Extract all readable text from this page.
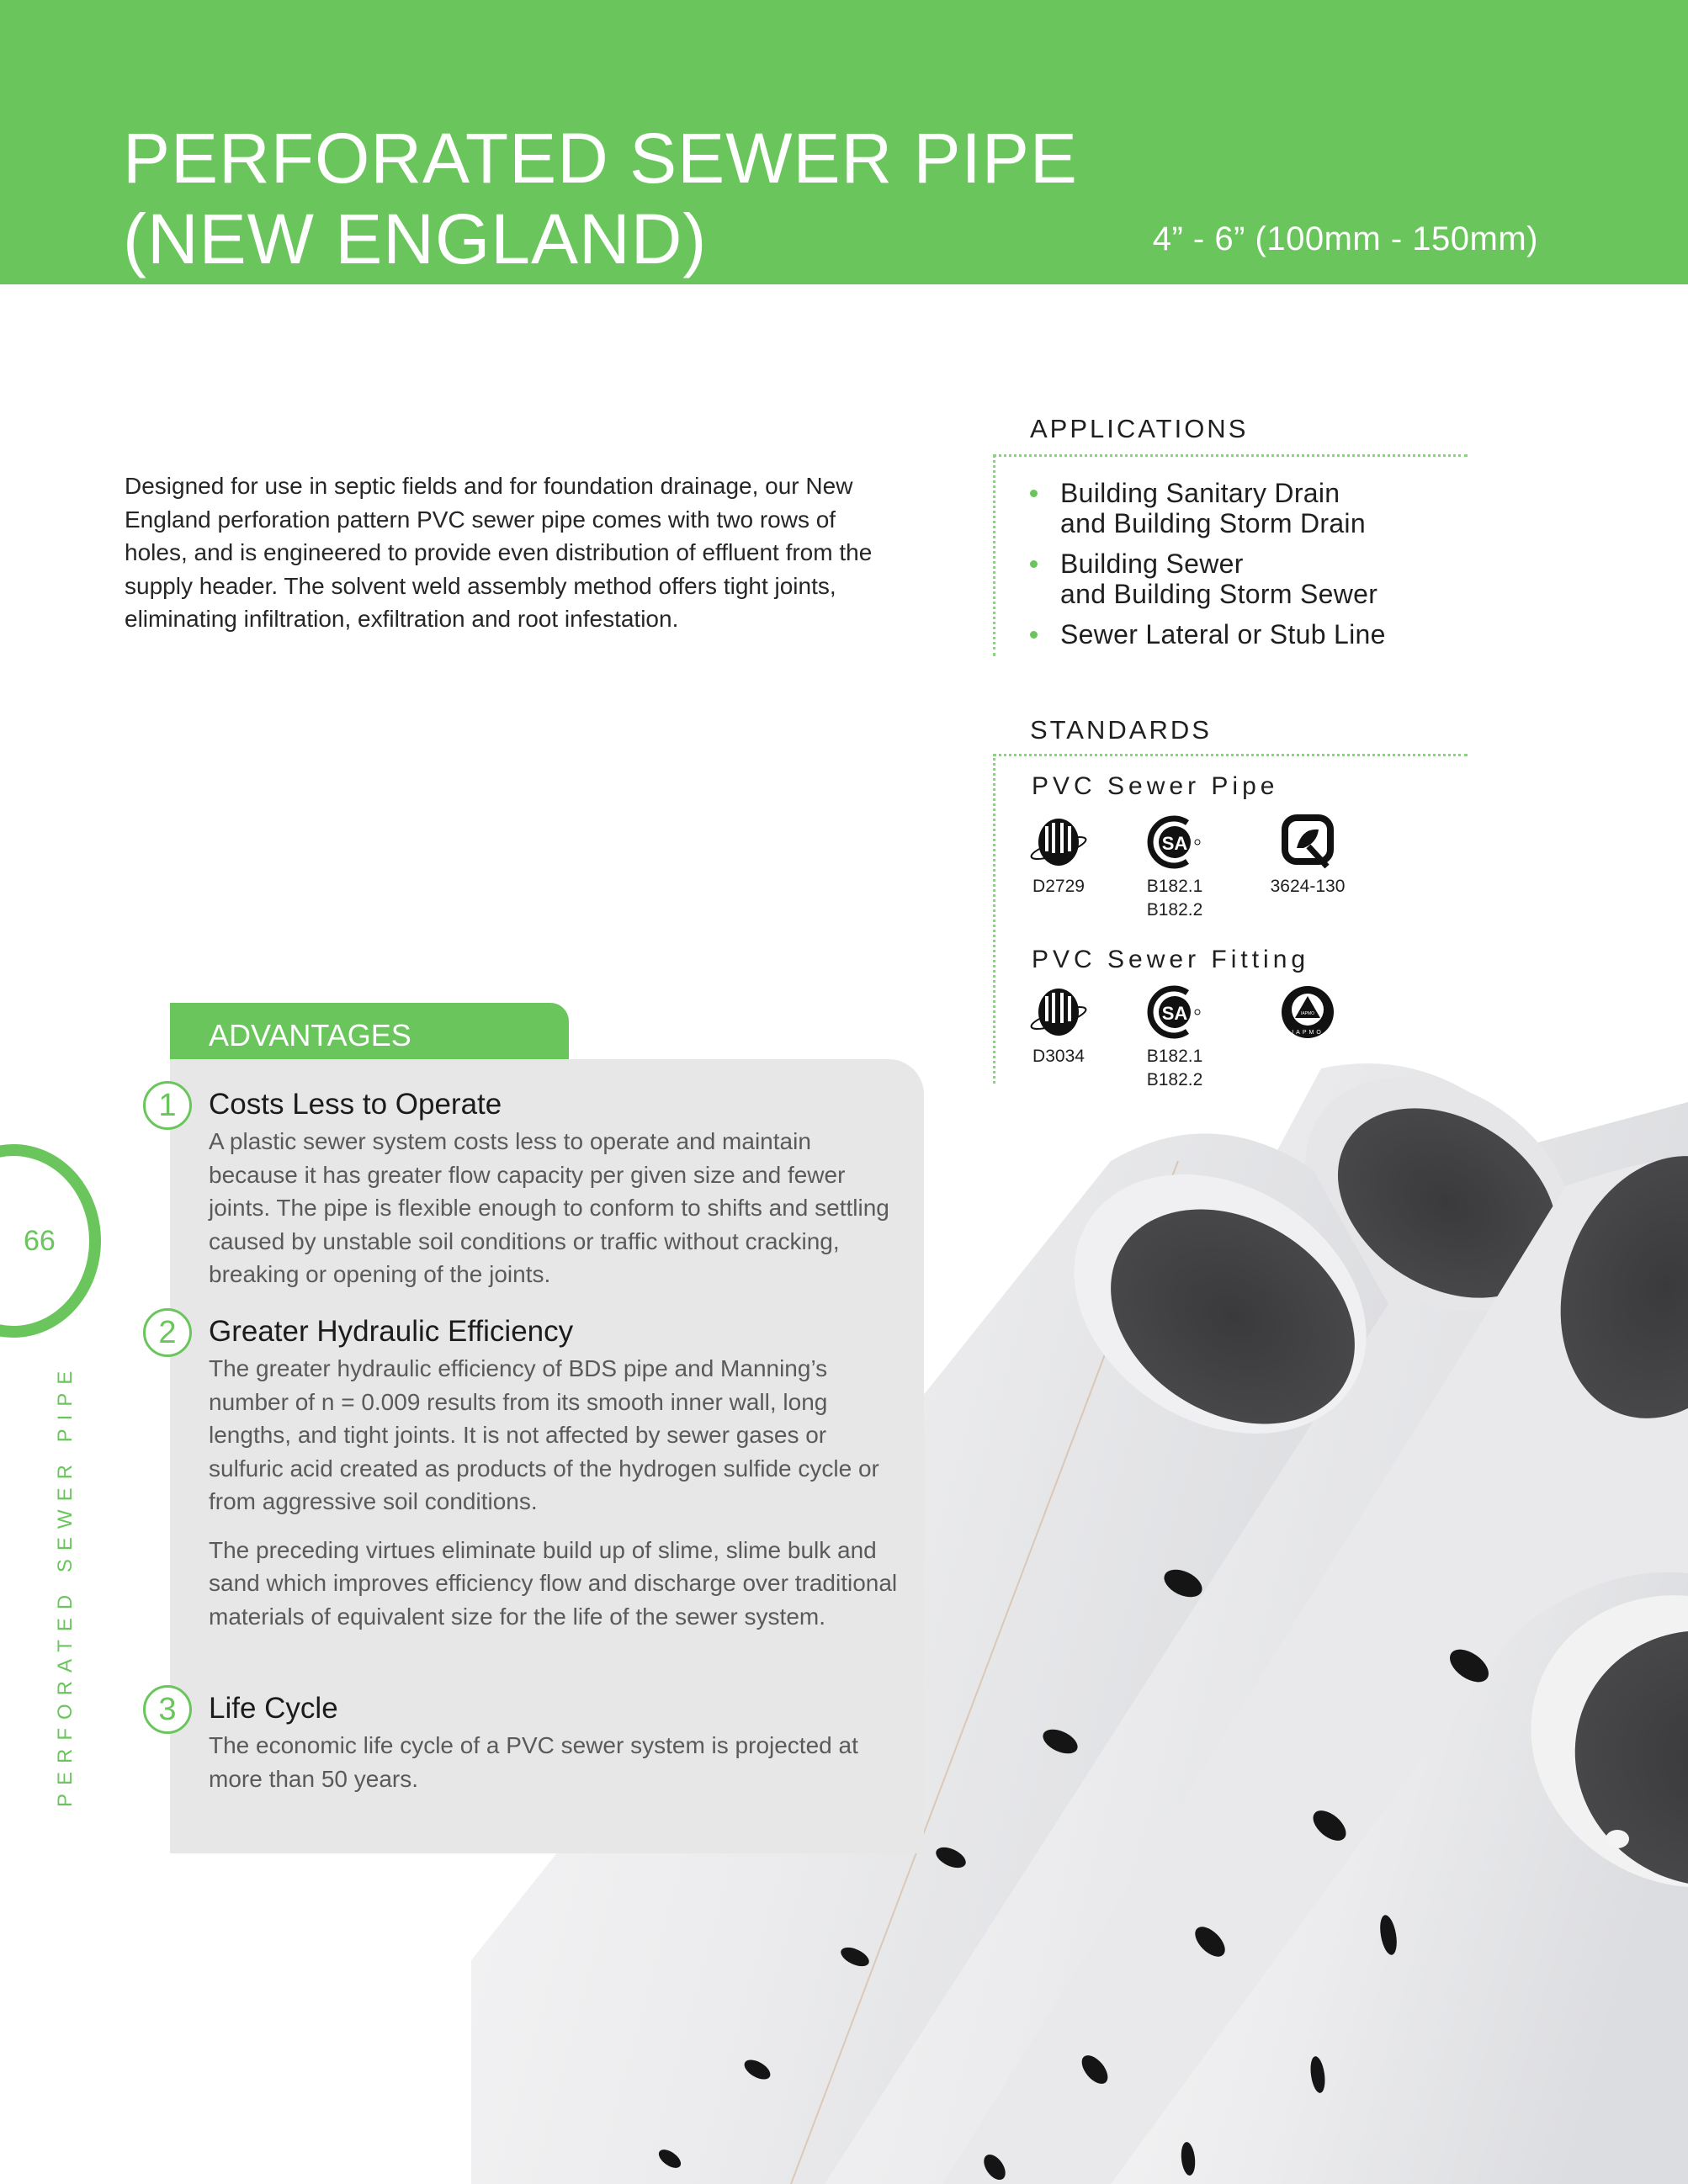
PERFORATED SEWER PIPE
(NEW ENGLAND)	4” - 6” (100mm - 150mm)

Designed for use in septic fields and for foundation drainage, our New England perforation pattern PVC sewer pipe comes with two rows of holes, and is engineered to provide even distribution of effluent from the supply header. The solvent weld assembly method offers tight joints, eliminating infiltration, exfiltration and root infestation.

APPLICATIONS
Building Sanitary Drain
and Building Storm Drain
Building Sewer
and Building Storm Sewer
Sewer Lateral or Stub Line
STANDARDS
PVC Sewer Pipe
D2729
SA
B182.1
B182.2
3624-130
PVC Sewer Fitting
D3034
SA
B182.1
B182.2
IAPMO
IAPMO
66
PERFORATED SEWER PIPE
ADVANTAGES
1	Costs Less to Operate

A plastic sewer system costs less to operate and maintain because it has greater flow capacity per given size and fewer joints. The pipe is flexible enough to conform to shifts and settling caused by unstable soil conditions or traffic without cracking, breaking or opening of the joints.

2	Greater Hydraulic Efficiency

The greater hydraulic efficiency of BDS pipe and Manning’s number of n = 0.009 results from its smooth inner wall, long lengths, and tight joints. It is not affected by sewer gases or sulfuric acid created as products of the hydrogen sulfide cycle or from aggressive soil conditions.

The preceding virtues eliminate build up of slime, slime bulk and sand which improves efficiency flow and discharge over traditional materials of equivalent size for the life of the sewer system.

3	Life Cycle

The economic life cycle of a PVC sewer system is projected at more than 50 years.
